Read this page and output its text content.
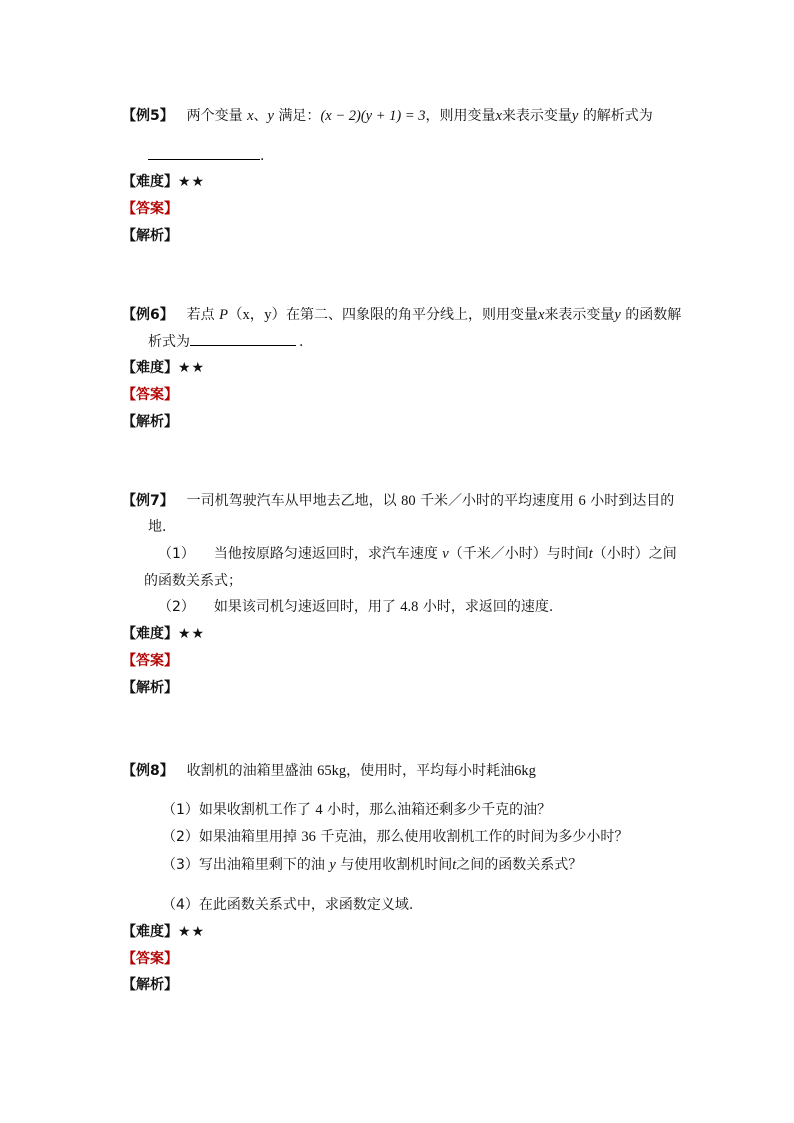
【例5】 两个变量 x、y 满足：(x − 2)(y + 1) = 3，则用变量x来表示变量y 的解析式为
.
【难度】★★
【答案】
【解析】
【例6】 若点 P（x，y）在第二、四象限的角平分线上，则用变量x来表示变量y 的函数解
析式为	.
【难度】★★
【答案】
【解析】
【例7】 一司机驾驶汽车从甲地去乙地，以 80 千米／小时的平均速度用 6 小时到达目的
地.
（1） 当他按原路匀速返回时，求汽车速度 v（千米／小时）与时间t（小时）之间
的函数关系式；
（2） 如果该司机匀速返回时，用了 4.8 小时，求返回的速度.
【难度】★★
【答案】
【解析】
【例8】 收割机的油箱里盛油 65kg，使用时，平均每小时耗油6kg
（1）如果收割机工作了 4 小时，那么油箱还剩多少千克的油？
（2）如果油箱里用掉 36 千克油，那么使用收割机工作的时间为多少小时？
（3）写出油箱里剩下的油 y 与使用收割机时间t之间的函数关系式？
（4）在此函数关系式中，求函数定义域.
【难度】★★
【答案】
【解析】
